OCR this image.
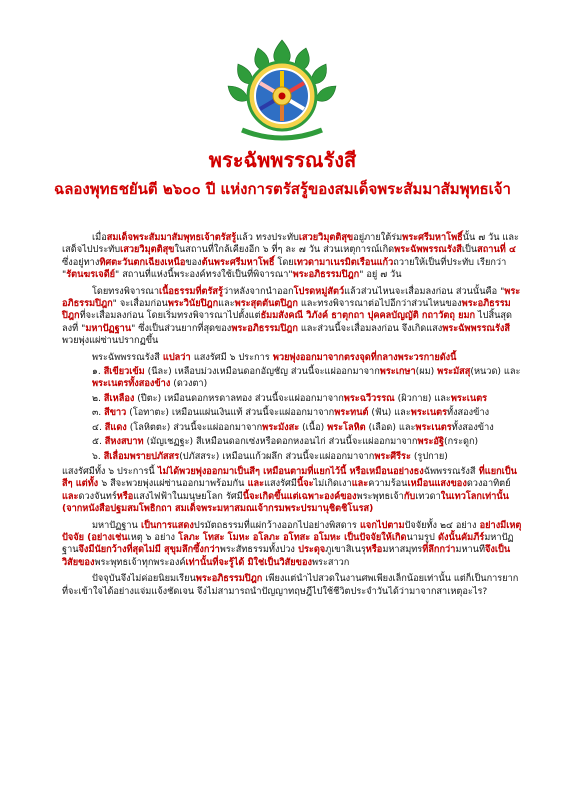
พระฉัพพรรณรังสี
ฉลองพุทธชยันตี ๒๖๐๐ ปี แห่งการตรัสรู้ของสมเด็จพระสัมมาสัมพุทธเจ้า

เมื่อสมเด็จพระสัมมาสัมพุทธเจ้าตรัสรู้แล้ว ทรงประทับเสวยวิมุตติสุขอยู่ภายใต้ร่มพระศรีมหาโพธิ์นั้น ๗ วัน และเสด็จไปประทับเสวยวิมุตติสุขในสถานที่ใกล้เคียงอีก ๖ ที่ๆ ละ ๗ วัน ส่วนเหตุการณ์เกิดพระฉัพพรรณรังสีเป็นสถานที่ ๔ ซึ่งอยู่ทางทิศตะวันตกเฉียงเหนือของต้นพระศรีมหาโพธิ์ โดยเทวดามาเนรมิตเรือนแก้วถวายให้เป็นที่ประทับ เรียกว่า "รัตนฆรเจดีย์" สถานที่แห่งนี้พระองค์ทรงใช้เป็นที่พิจารณา"พระอภิธรรมปิฎก" อยู่ ๗ วัน

โดยทรงพิจารณาเนื้อธรรมที่ตรัสรู้ว่าหลังจากนำออกโปรดหมู่สัตว์แล้วส่วนไหนจะเสื่อมลงก่อน ส่วนนั้นคือ "พระอภิธรรมปิฎก" จะเสื่อมก่อนพระวินัยปิฎกและพระสุตตันตปิฎก และทรงพิจารณาต่อไปอีกว่าส่วนไหนของพระอภิธรรมปิฎกที่จะเสื่อมลงก่อน โดยเริ่มทรงพิจารณาไปตั้งแต่ธัมมสังคณี วิภังค์ ธาตุกถา ปุคคลบัญญัติ กถาวัตถุ ยมก ไปสิ้นสุดลงที่ "มหาปัฏฐาน" ซึ่งเป็นส่วนยากที่สุดของพระอภิธรรมปิฎก และส่วนนี้จะเสื่อมลงก่อน จึงเกิดแสงพระฉัพพรรณรังสีพวยพุ่งแผ่ซ่านปรากฏขึ้น

พระฉัพพรรณรังสี แปลว่า แสงรัศมี ๖ ประการ พวยพุ่งออกมาจากตรงจุดที่กลางพระวรกายดังนี้

๑. สีเขียวเข้ม (นีละ) เหลือบม่วงเหมือนดอกอัญชัญ ส่วนนี้จะแผ่ออกมาจากพระเกษา(ผม) พระมัสสุ(หนวด) และพระเนตรทั้งสองข้าง (ดวงตา)

๒. สีเหลือง (ปีตะ) เหมือนดอกหรดาลทอง ส่วนนี้จะแผ่ออกมาจากพระฉวีวรรณ (ผิวกาย) และพระเนตร

๓. สีขาว (โอทาตะ) เหมือนแผ่นเงินแท้ ส่วนนี้จะแผ่ออกมาจากพระทนต์ (ฟัน) และพระเนตรทั้งสองข้าง

๔. สีแดง (โลหิตตะ) ส่วนนี้จะแผ่ออกมาจากพระมังสะ (เนื้อ) พระโลหิต (เลือด) และพระเนตรทั้งสองข้าง

๕. สีหงสบาท (มัญเชฏฐะ) สีเหมือนดอกเซ่งหรือดอกหงอนไก่ ส่วนนี้จะแผ่ออกมาจากพระอัฐิ(กระดูก)

๖. สีเลื่อมพรายปภัสสร(ปภัสสระ) เหมือนแก้วผลึก ส่วนนี้จะแผ่ออกมาจากพระศีรีระ (รูปกาย)

แสงรัศมีทั้ง ๖ ประการนี้ ไม่ได้พวยพุ่งออกมาเป็นสีๆ เหมือนตามที่แยกไว้นี้ หรือเหมือนอย่างธงฉัพพรรณรังสี ที่แยกเป็นสีๆ แต่ทั้ง ๖ สีจะพวยพุ่งแผ่ซ่านออกมาพร้อมกัน และแสงรัศมีนี้จะไม่เกิดเงาและความร้อนเหมือนแสงของดวงอาทิตย์และดวงจันทร์หรือแสงไฟฟ้าในมนุษยโลก รัศมีนี้จะเกิดขึ้นแต่เฉพาะองค์ของพระพุทธเจ้ากับเทวดาในเทวโลกเท่านั้น (จากหนังสือปฐมสมโพธิกถา สมเด็จพระมหาสมณเจ้ากรมพระปรมานุชิตชิโนรส)

มหาปัฏฐาน เป็นการแสดงปรมัตถธรรมที่แผ่กว้างออกไปอย่างพิสดาร แจกไปตามปัจจัยทั้ง ๒๔ อย่าง อย่างมีเหตุปัจจัย (อย่างเช่นเหตุ ๖ อย่าง โลภะ โทสะ โมหะ อโลภะ อโทสะ อโมหะ เป็นปัจจัยให้เกิดนามรูป ดังนั้นคัมภีร์มหาปัฏฐานจึงมีนัยกว้างที่สุดไม่มี สุขุมลึกซึ้งกว่าพระสัทธรรมทั้งปวง ประดุจภูเขาสิเนรุหรือมหาสมุทรที่ลึกกว่ามหานทีจึงเป็นวิสัยของพระพุทธเจ้าทุกพระองค์เท่านั้นที่จะรู้ได้ มิใช่เป็นวิสัยของพระสาวก

ปัจจุบันจึงไม่ค่อยนิยมเรียนพระอภิธรรมปิฎก เพียงแต่นำไปสวดในงานศพเพียงเล็กน้อยเท่านั้น แต่ก็เป็นการยากที่จะเข้าใจได้อย่างแจ่มแจ้งชัดเจน จึงไม่สามารถนำปัญญาทฤษฎีไปใช้ชีวิตประจำวันได้ว่ามาจากสาเหตุอะไร?
